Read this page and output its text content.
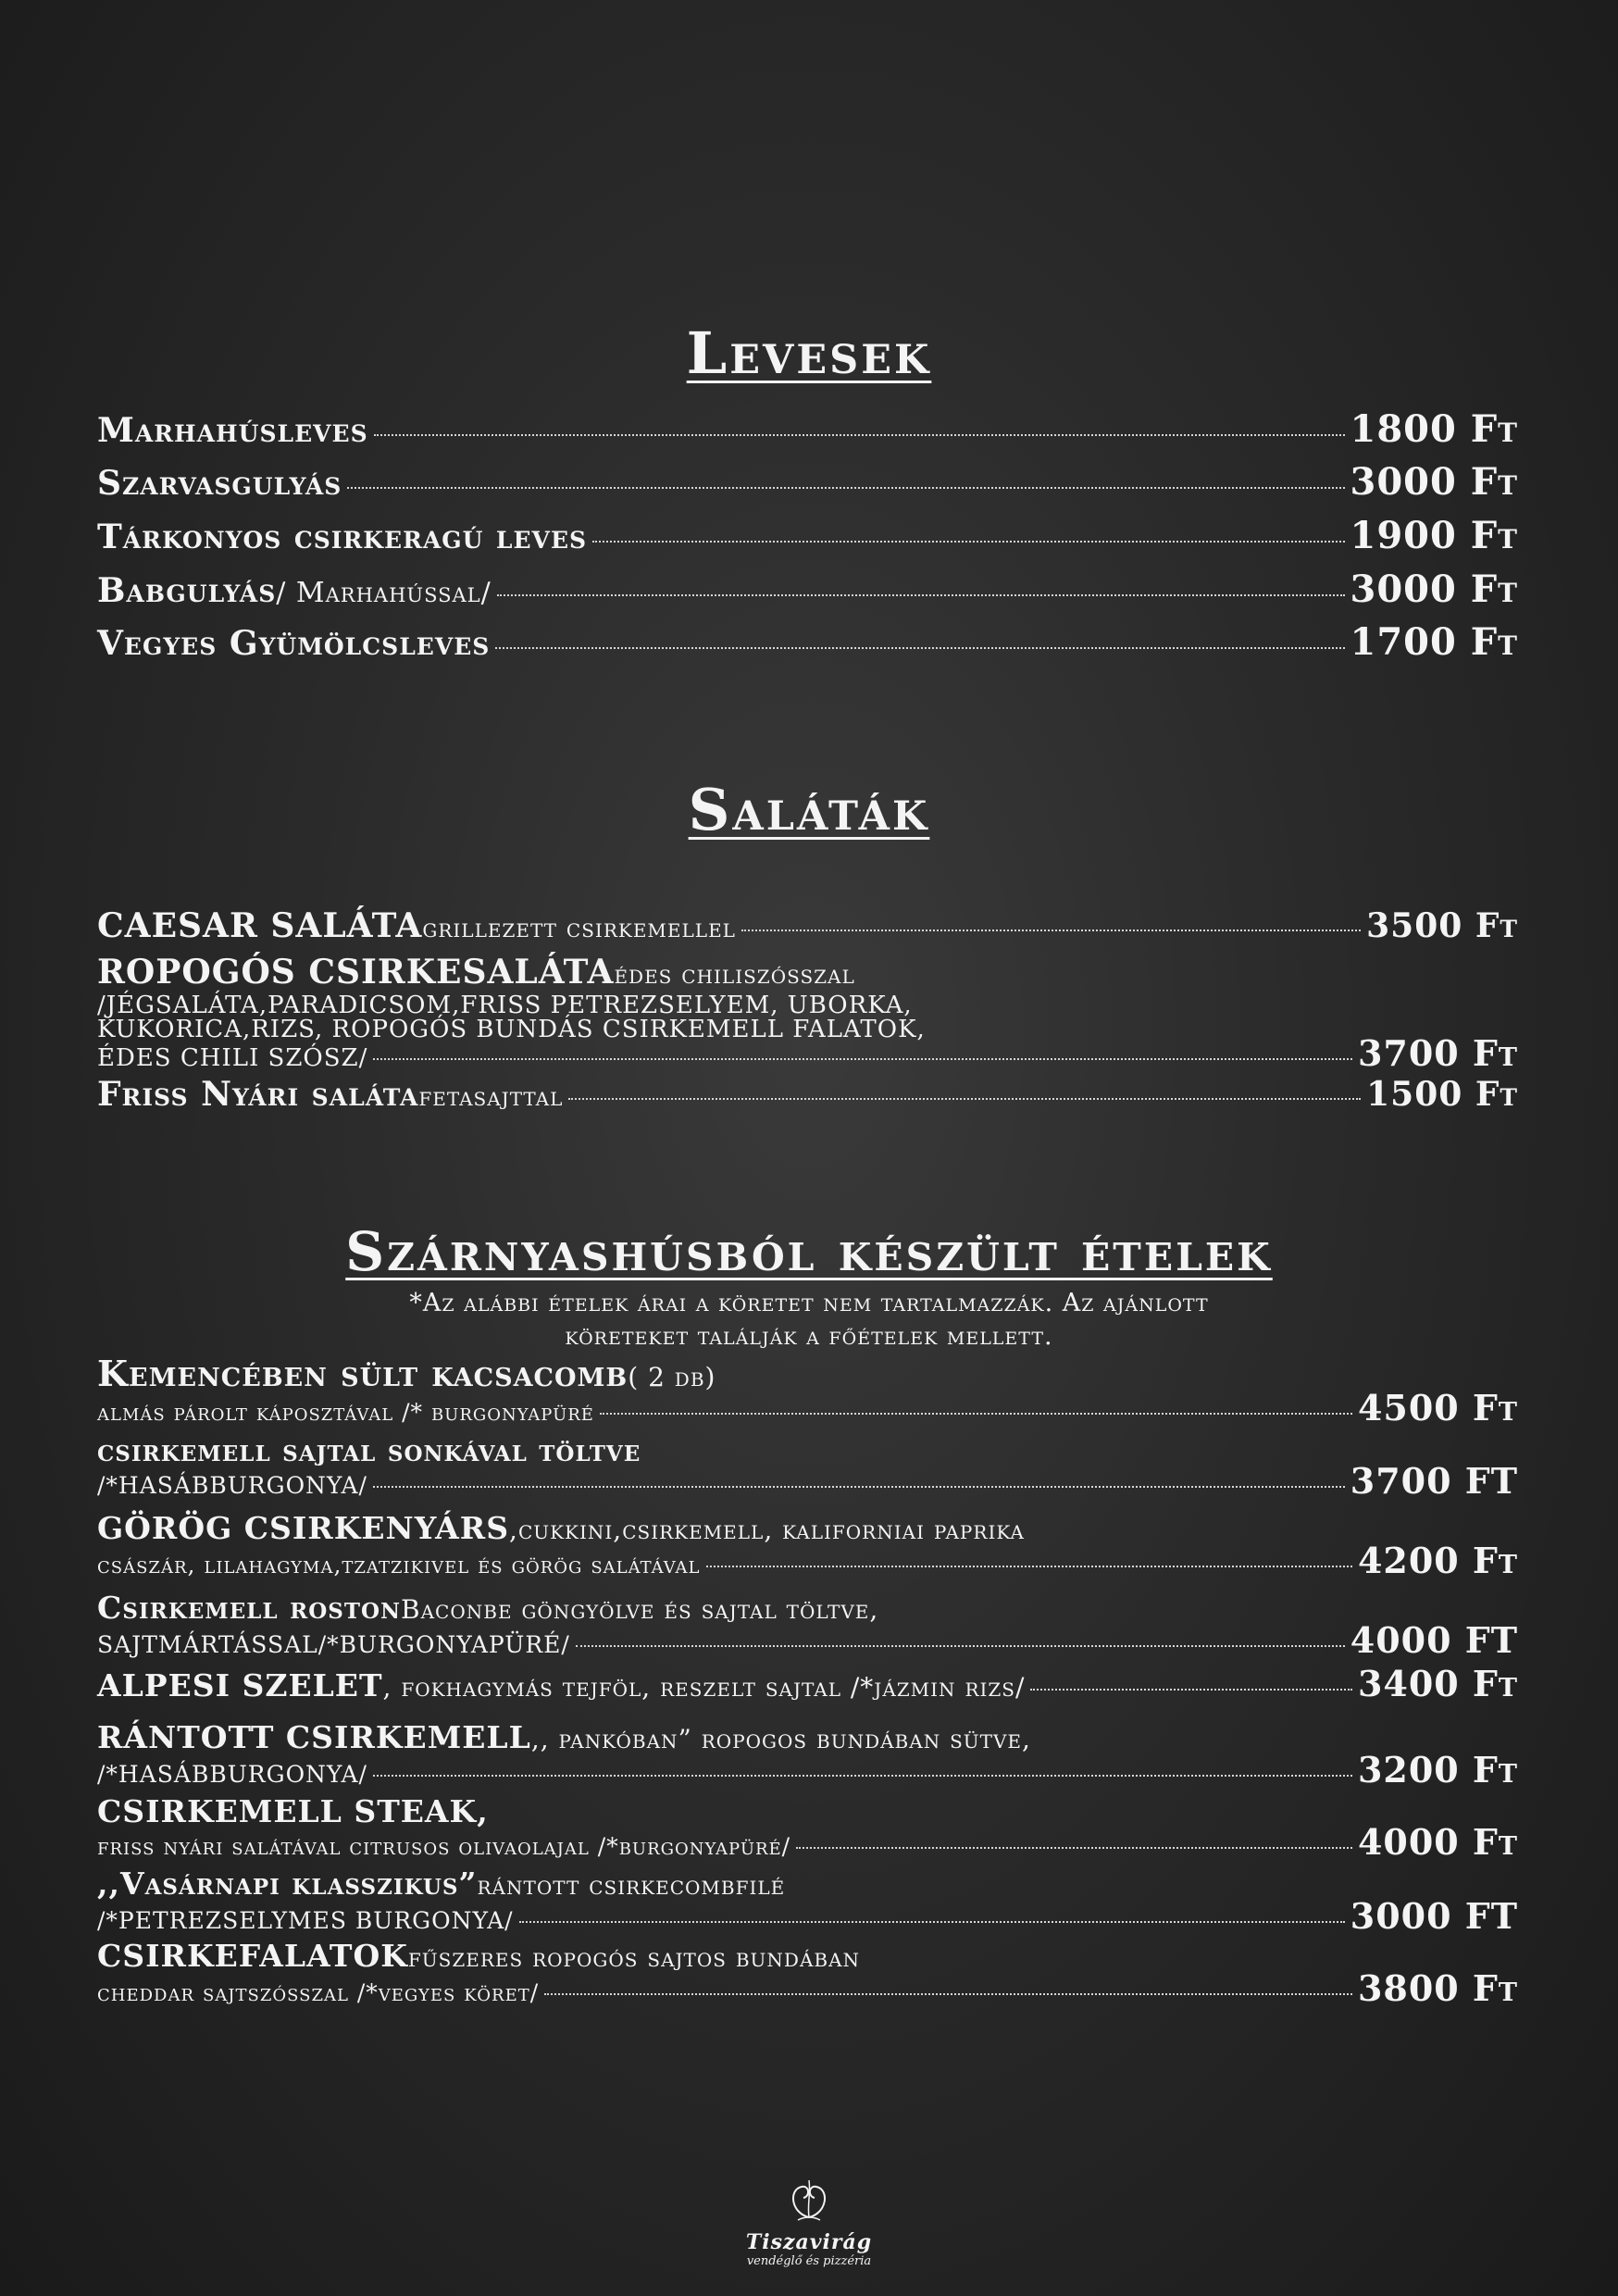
Levesek
Marhahúsleves	1800 Ft
Szarvasgulyás	3000 Ft
Tárkonyos csirkeragú leves	1900 Ft
Babgulyás / Marhahússal/	3000 Ft
Vegyes Gyümölcsleves	1700 Ft
Saláták
CAESAR SALÁTA grillezett csirkemellel	3500 Ft
ROPOGÓS CSIRKESALÁTA édes chiliszósszal
/JÉGSALÁTA,PARADICSOM,FRISS PETREZSELYEM, UBORKA,
KUKORICA,RIZS, ROPOGÓS BUNDÁS CSIRKEMELL FALATOK,
ÉDES CHILI SZÓSZ/	3700 Ft
Friss Nyári saláta fetasajttal	1500 Ft
Szárnyashúsból készült ételek
*Az alábbi ételek árai a köretet nem tartalmazzák. Az ajánlott
köreteket találják a főételek mellett.
Kemencében sült kacsacomb ( 2 db)
almás párolt káposztával /* burgonyapüré	4500 Ft
csirkemell sajtal sonkával töltve
/*HASÁBBURGONYA/	3700 FT
GÖRÖG CSIRKENYÁRS ,cukkini,csirkemell, kaliforniai paprika
császár, lilahagyma,tzatzikivel és görög salátával	4200 Ft
Csirkemell roston Baconbe göngyölve és sajtal töltve,
SAJTMÁRTÁSSAL/*BURGONYAPÜRÉ/	4000 FT
ALPESI SZELET , fokhagymás tejföl, reszelt sajtal /*jázmin rizs/	3400 Ft
RÁNTOTT CSIRKEMELL ,, pankóban” ropogos bundában sütve,
/*HASÁBBURGONYA/	3200 Ft
CSIRKEMELL STEAK,
friss nyári salátával citrusos olivaolajal /*burgonyapüré/	4000 Ft
,,Vasárnapi klasszikus” rántott csirkecombfilé
/*PETREZSELYMES BURGONYA/	3000 FT
CSIRKEFALATOK fűszeres ropogós sajtos bundában
cheddar sajtszósszal /*vegyes köret/	3800 Ft
Tiszavirág
vendéglő és pizzéria
